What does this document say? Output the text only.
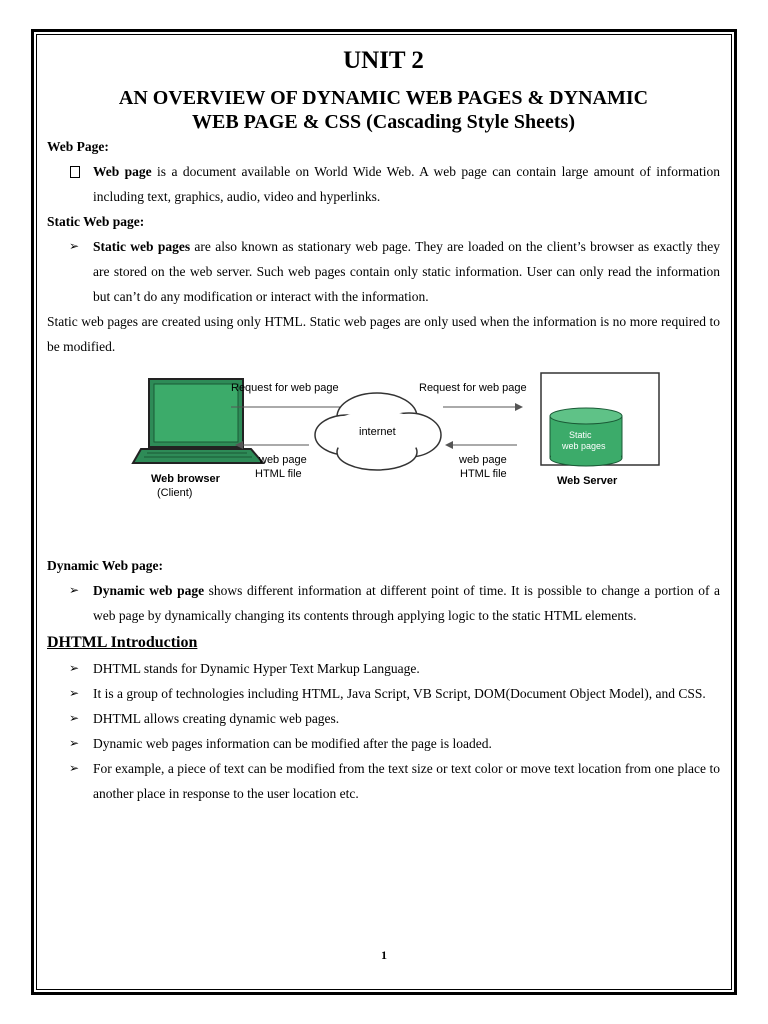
UNIT 2
AN OVERVIEW OF DYNAMIC WEB PAGES & DYNAMIC
WEB PAGE & CSS (Cascading Style Sheets)

Web Page:

Web page is a document available on World Wide Web. A web page can contain large amount of information including text, graphics, audio, video and hyperlinks.

Static Web page:

➢ Static web pages are also known as stationary web page. They are loaded on the client’s browser as exactly they are stored on the web server. Such web pages contain only static information. User can only read the information but can’t do any modification or interact with the information.

Static web pages are created using only HTML. Static web pages are only used when the information is no more required to be modified.

Web browser
(Client)
Request for web page	Request for web page
internet
web page
HTML file
web page
HTML file
Static
web pages
Web Server

Dynamic Web page:

➢ Dynamic web page shows different information at different point of time. It is possible to change a portion of a web page by dynamically changing its contents through applying logic to the static HTML elements.

DHTML Introduction

➢ DHTML stands for Dynamic Hyper Text Markup Language.

➢ It is a group of technologies including HTML, Java Script, VB Script, DOM(Document Object Model), and CSS.

➢ DHTML allows creating dynamic web pages.

➢ Dynamic web pages information can be modified after the page is loaded.

➢ For example, a piece of text can be modified from the text size or text color or move text location from one place to another place in response to the user location etc.

1
